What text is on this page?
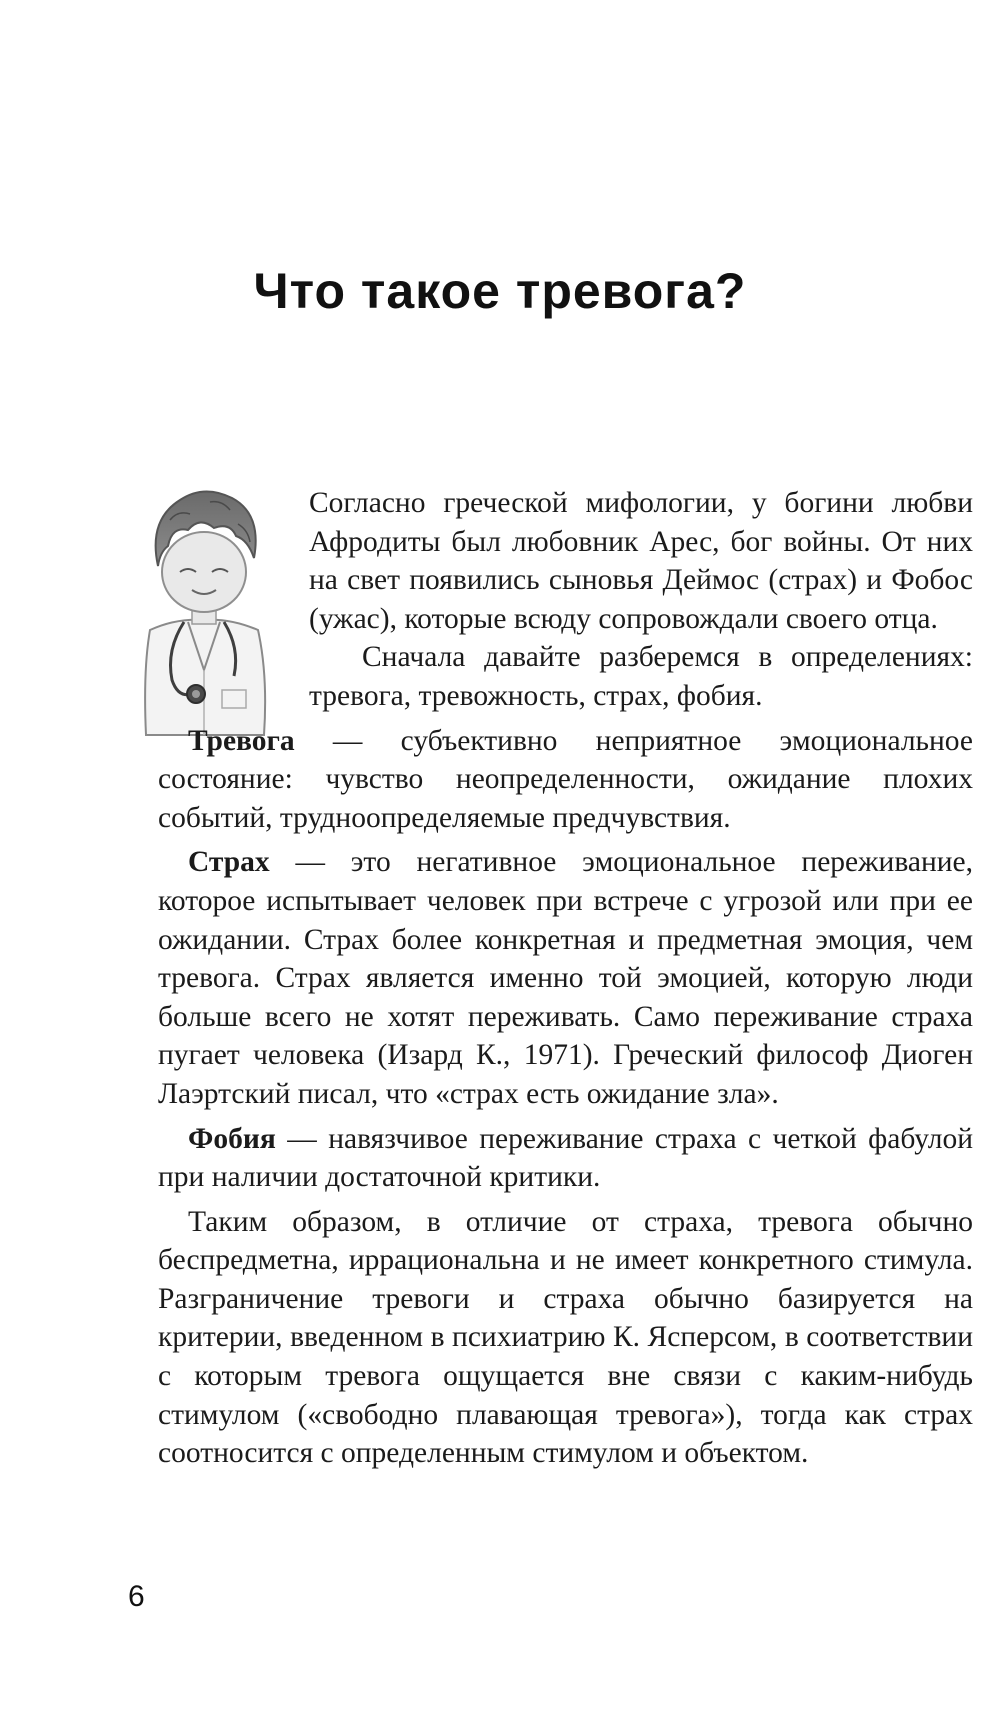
Что такое тревога?

Согласно греческой мифологии, у богини любви Афродиты был любовник Арес, бог войны. От них на свет появились сыновья Деймос (страх) и Фобос (ужас), которые всюду сопровождали своего отца.

Сначала давайте разберемся в определениях: тревога, тревожность, страх, фобия.

Тревога — субъективно неприятное эмоциональное состояние: чувство неопределенности, ожидание плохих событий, трудноопределяемые предчувствия.

Страх — это негативное эмоциональное переживание, которое испытывает человек при встрече с угрозой или при ее ожидании. Страх более конкретная и предметная эмоция, чем тревога. Страх является именно той эмоцией, которую люди больше всего не хотят переживать. Само переживание страха пугает человека (Изард К., 1971). Греческий философ Диоген Лаэртский писал, что «страх есть ожидание зла».

Фобия — навязчивое переживание страха с четкой фабулой при наличии достаточной критики.

Таким образом, в отличие от страха, тревога обычно беспредметна, иррациональна и не имеет конкретного стимула. Разграничение тревоги и страха обычно базируется на критерии, введенном в психиатрию К. Ясперсом, в соответствии с которым тревога ощущается вне связи с каким-нибудь стимулом («свободно плавающая тревога»), тогда как страх соотносится с определенным стимулом и объектом.

6
